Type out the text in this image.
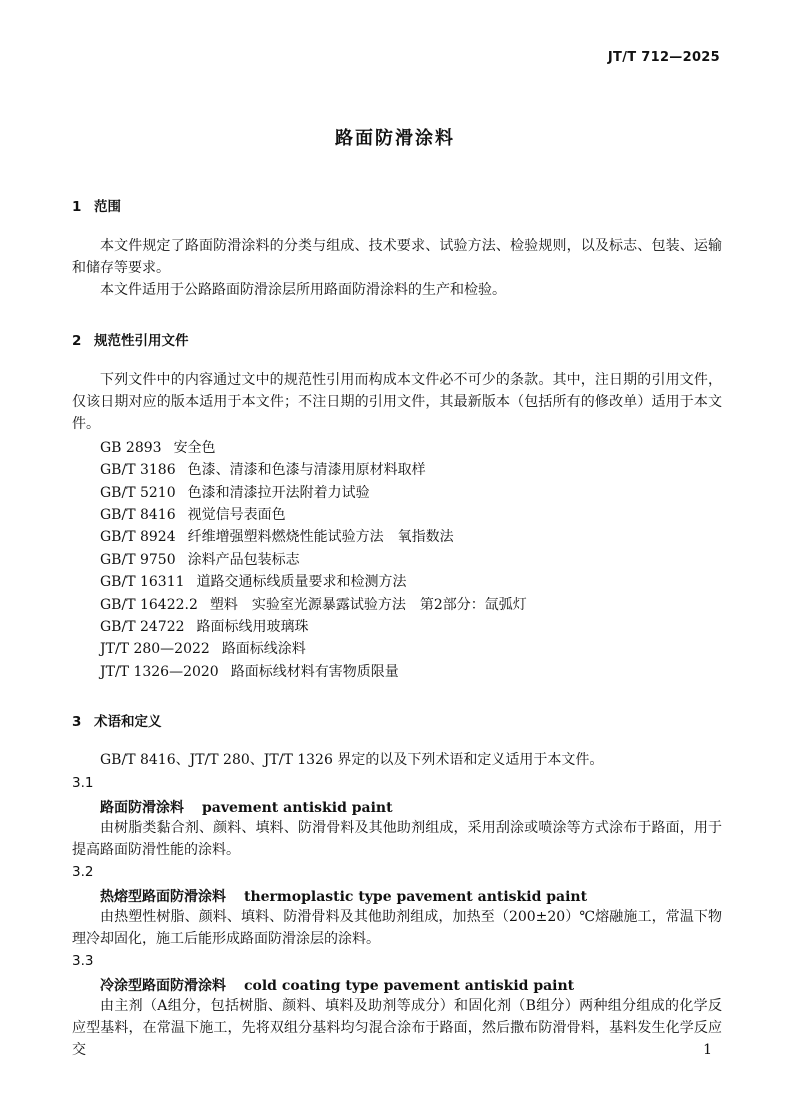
JT/T 712—2025
路面防滑涂料
1 范围
本文件规定了路面防滑涂料的分类与组成、技术要求、试验方法、检验规则，以及标志、包装、运输和储存等要求。
本文件适用于公路路面防滑涂层所用路面防滑涂料的生产和检验。
2 规范性引用文件
下列文件中的内容通过文中的规范性引用而构成本文件必不可少的条款。其中，注日期的引用文件，仅该日期对应的版本适用于本文件；不注日期的引用文件，其最新版本（包括所有的修改单）适用于本文件。
GB 2893 安全色
GB/T 3186 色漆、清漆和色漆与清漆用原材料取样
GB/T 5210 色漆和清漆拉开法附着力试验
GB/T 8416 视觉信号表面色
GB/T 8924 纤维增强塑料燃烧性能试验方法　氧指数法
GB/T 9750 涂料产品包装标志
GB/T 16311 道路交通标线质量要求和检测方法
GB/T 16422.2 塑料　实验室光源暴露试验方法　第2部分：氙弧灯
GB/T 24722 路面标线用玻璃珠
JT/T 280—2022 路面标线涂料
JT/T 1326—2020 路面标线材料有害物质限量
3 术语和定义
GB/T 8416、JT/T 280、JT/T 1326 界定的以及下列术语和定义适用于本文件。
3.1
路面防滑涂料 pavement antiskid paint
由树脂类黏合剂、颜料、填料、防滑骨料及其他助剂组成，采用刮涂或喷涂等方式涂布于路面，用于提高路面防滑性能的涂料。
3.2
热熔型路面防滑涂料 thermoplastic type pavement antiskid paint
由热塑性树脂、颜料、填料、防滑骨料及其他助剂组成，加热至（200±20）℃熔融施工，常温下物理冷却固化，施工后能形成路面防滑涂层的涂料。
3.3
冷涂型路面防滑涂料 cold coating type pavement antiskid paint
由主剂（A组分，包括树脂、颜料、填料及助剂等成分）和固化剂（B组分）两种组分组成的化学反应型基料，在常温下施工，先将双组分基料均匀混合涂布于路面，然后撒布防滑骨料，基料发生化学反应交	1
